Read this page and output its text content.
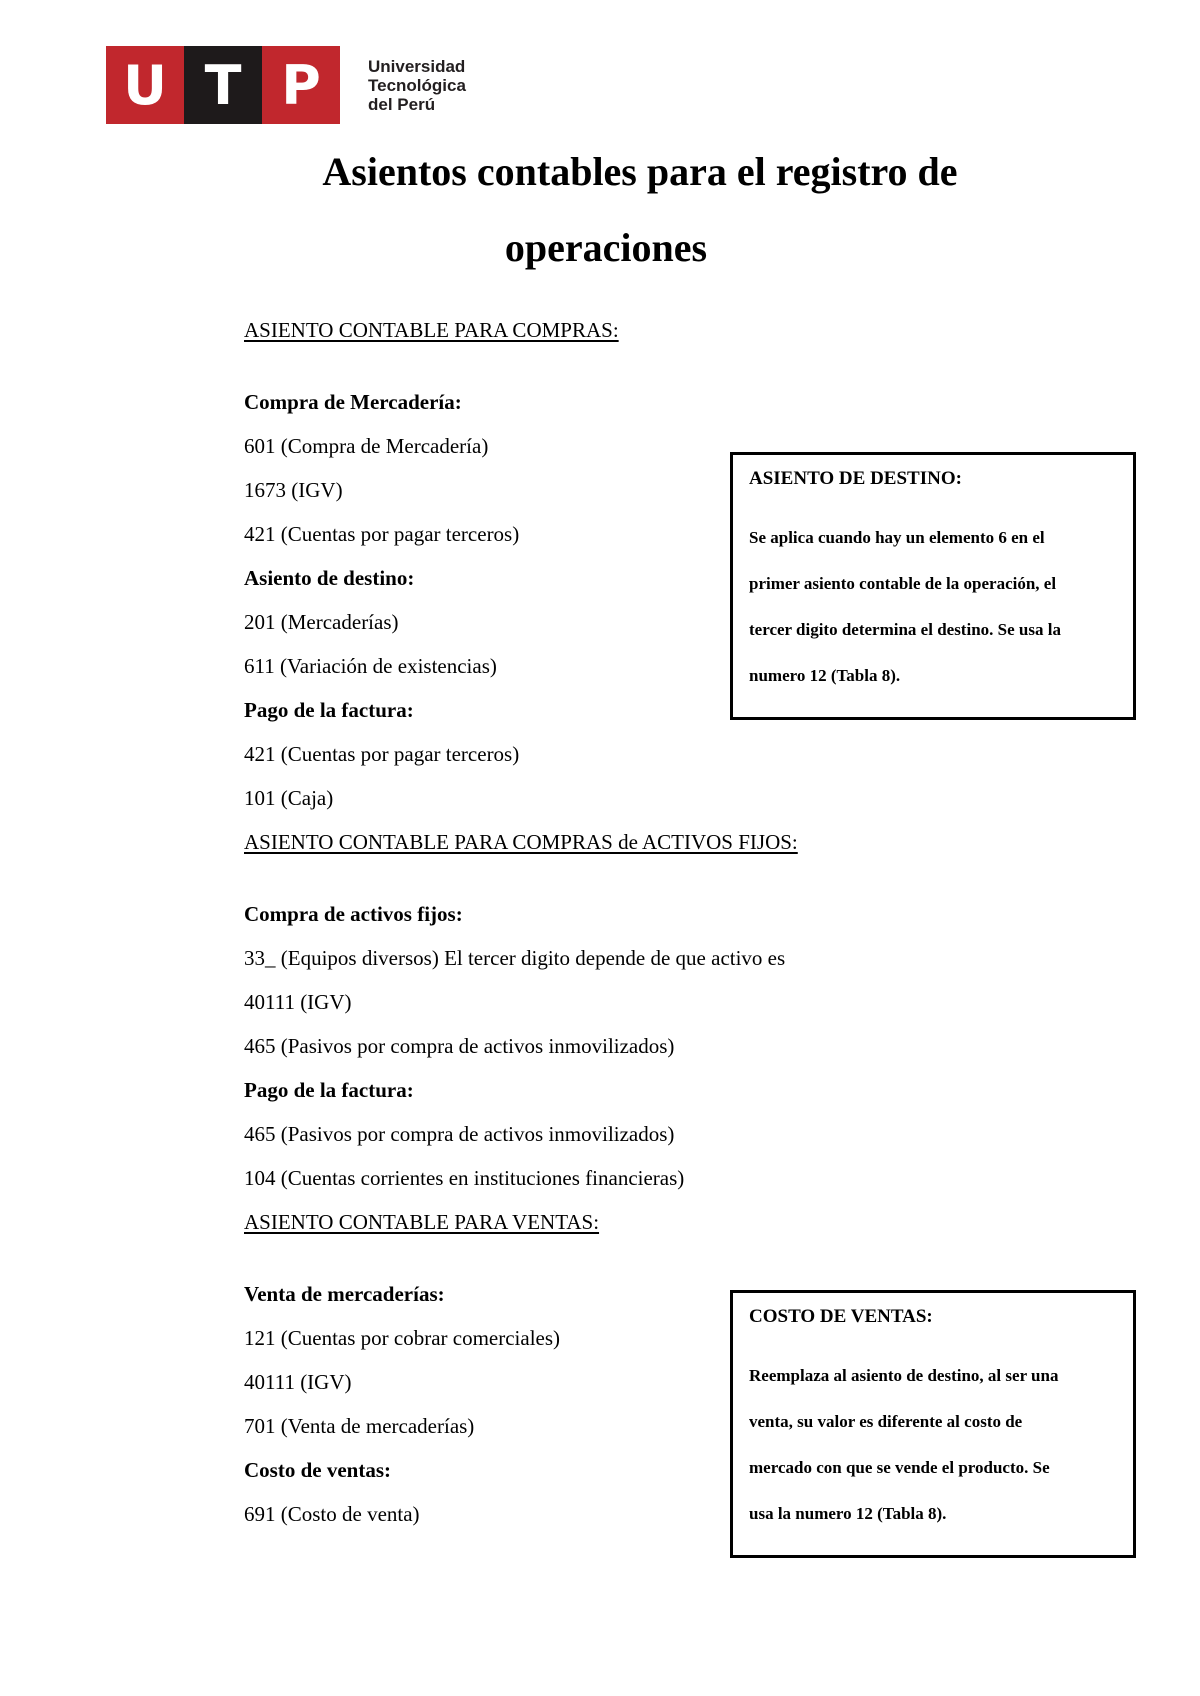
U T P	Universidad
Tecnológica
del Perú
Asientos contables para el registro de
operaciones
ASIENTO CONTABLE PARA COMPRAS:
Compra de Mercadería:
601 (Compra de Mercadería)
1673 (IGV)
421 (Cuentas por pagar terceros)
Asiento de destino:
201 (Mercaderías)
611 (Variación de existencias)
Pago de la factura:
421 (Cuentas por pagar terceros)
101 (Caja)
ASIENTO CONTABLE PARA COMPRAS de ACTIVOS FIJOS:
Compra de activos fijos:
33_ (Equipos diversos) El tercer digito depende de que activo es
40111 (IGV)
465 (Pasivos por compra de activos inmovilizados)
Pago de la factura:
465 (Pasivos por compra de activos inmovilizados)
104 (Cuentas corrientes en instituciones financieras)
ASIENTO CONTABLE PARA VENTAS:
Venta de mercaderías:
121 (Cuentas por cobrar comerciales)
40111 (IGV)
701 (Venta de mercaderías)
Costo de ventas:
691 (Costo de venta)
ASIENTO DE DESTINO:
Se aplica cuando hay un elemento 6 en el
primer asiento contable de la operación, el
tercer digito determina el destino. Se usa la
numero 12 (Tabla 8).
COSTO DE VENTAS:
Reemplaza al asiento de destino, al ser una
venta, su valor es diferente al costo de
mercado con que se vende el producto. Se
usa la numero 12 (Tabla 8).
